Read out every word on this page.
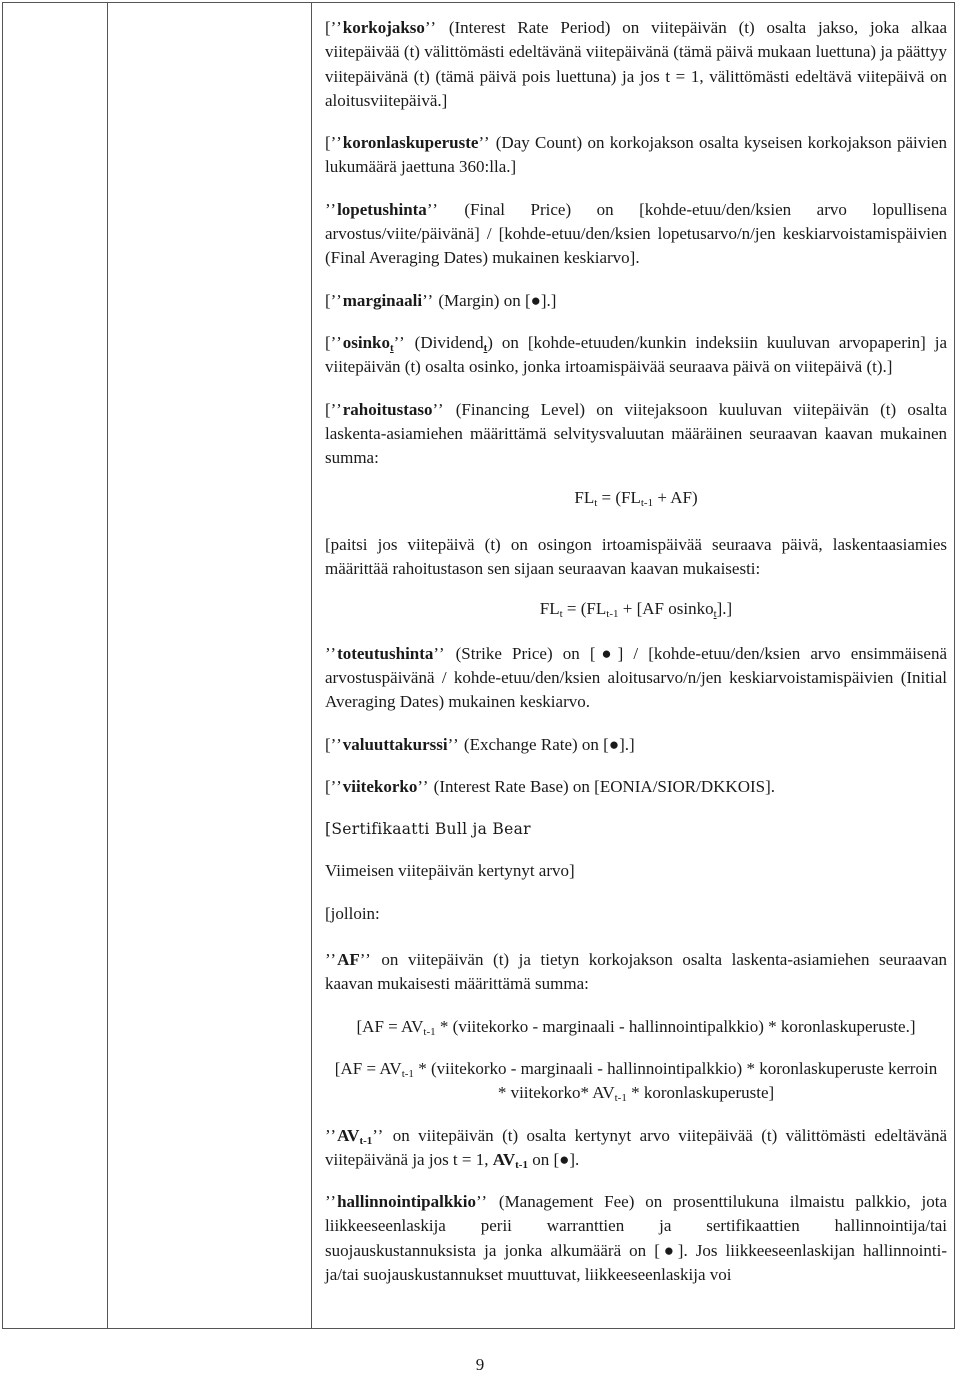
[’’korkojakso’’ (Interest Rate Period) on viitepäivän (t) osalta jakso, joka alkaa viitepäivää (t) välittömästi edeltävänä viitepäivänä (tämä päivä mukaan luettuna) ja päättyy viitepäivänä (t) (tämä päivä pois luettuna) ja jos t = 1, välittömästi edeltävä viitepäivä on aloitusviitepäivä.]

[’’koronlaskuperuste’’ (Day Count) on korkojakson osalta kyseisen korkojakson päivien lukumäärä jaettuna 360:lla.]

’’lopetushinta’’ (Final Price) on [kohde-etuu/den/ksien arvo lopullisena arvostus/viite/päivänä] / [kohde-etuu/den/ksien lopetusarvo/n/jen keskiarvoistamispäivien (Final Averaging Dates) mukainen keskiarvo].

[’’marginaali’’ (Margin) on [●].]

[’’osinko$_t$’’ (Dividend$_t$) on [kohde-etuuden/kunkin indeksiin kuuluvan arvopaperin] ja viitepäivän (t) osalta osinko, jonka irtoamispäivää seuraava päivä on viitepäivä (t).]

[’’rahoitustaso’’ (Financing Level) on viitejaksoon kuuluvan viitepäivän (t) osalta laskenta-asiamiehen määrittämä selvitysvaluutan määräinen seuraavan kaavan mukainen summa:

$FL_t = (FL_{t-1} + AF)$

[paitsi jos viitepäivä (t) on osingon irtoamispäivää seuraava päivä, laskentaasiamies määrittää rahoitustason sen sijaan seuraavan kaavan mukaisesti:

$FL_t = (FL_{t-1} + [AF$ osinko$_t$].]

’’toteutushinta’’ (Strike Price) on [●] / [kohde-etuu/den/ksien arvo ensimmäisenä arvostuspäivänä / kohde-etuu/den/ksien aloitusarvo/n/jen keskiarvoistamispäivien (Initial Averaging Dates) mukainen keskiarvo.

[’’valuuttakurssi’’ (Exchange Rate) on [●].]

[’’viitekorko’’ (Interest Rate Base) on [EONIA/SIOR/DKKOIS].

[Sertifikaatti Bull ja Bear

Viimeisen viitepäivän kertynyt arvo]

[jolloin:

’’AF’’ on viitepäivän (t) ja tietyn korkojakson osalta laskenta-asiamiehen seuraavan kaavan mukaisesti määrittämä summa:

[$AF = AV_{t-1}$ * (viitekorko - marginaali - hallinnointipalkkio) * koronlaskuperuste.]

[$AF = AV_{t-1}$ * (viitekorko - marginaali - hallinnointipalkkio) * koronlaskuperuste kerroin * viitekorko* $AV_{t-1}$ * koronlaskuperuste]

$’’AV_{t-1}$’’ on viitepäivän (t) osalta kertynyt arvo viitepäivää (t) välittömästi edeltävänä viitepäivänä ja jos t = 1, $AV_{t-1}$ on [●].

’’hallinnointipalkkio’’ (Management Fee) on prosenttilukuna ilmaistu palkkio, jota liikkeeseenlaskija perii warranttien ja sertifikaattien hallinnointija/tai suojauskustannuksista ja jonka alkumäärä on [●]. Jos liikkeeseenlaskijan hallinnointi- ja/tai suojauskustannukset muuttuvat, liikkeeseenlaskija voi

9
